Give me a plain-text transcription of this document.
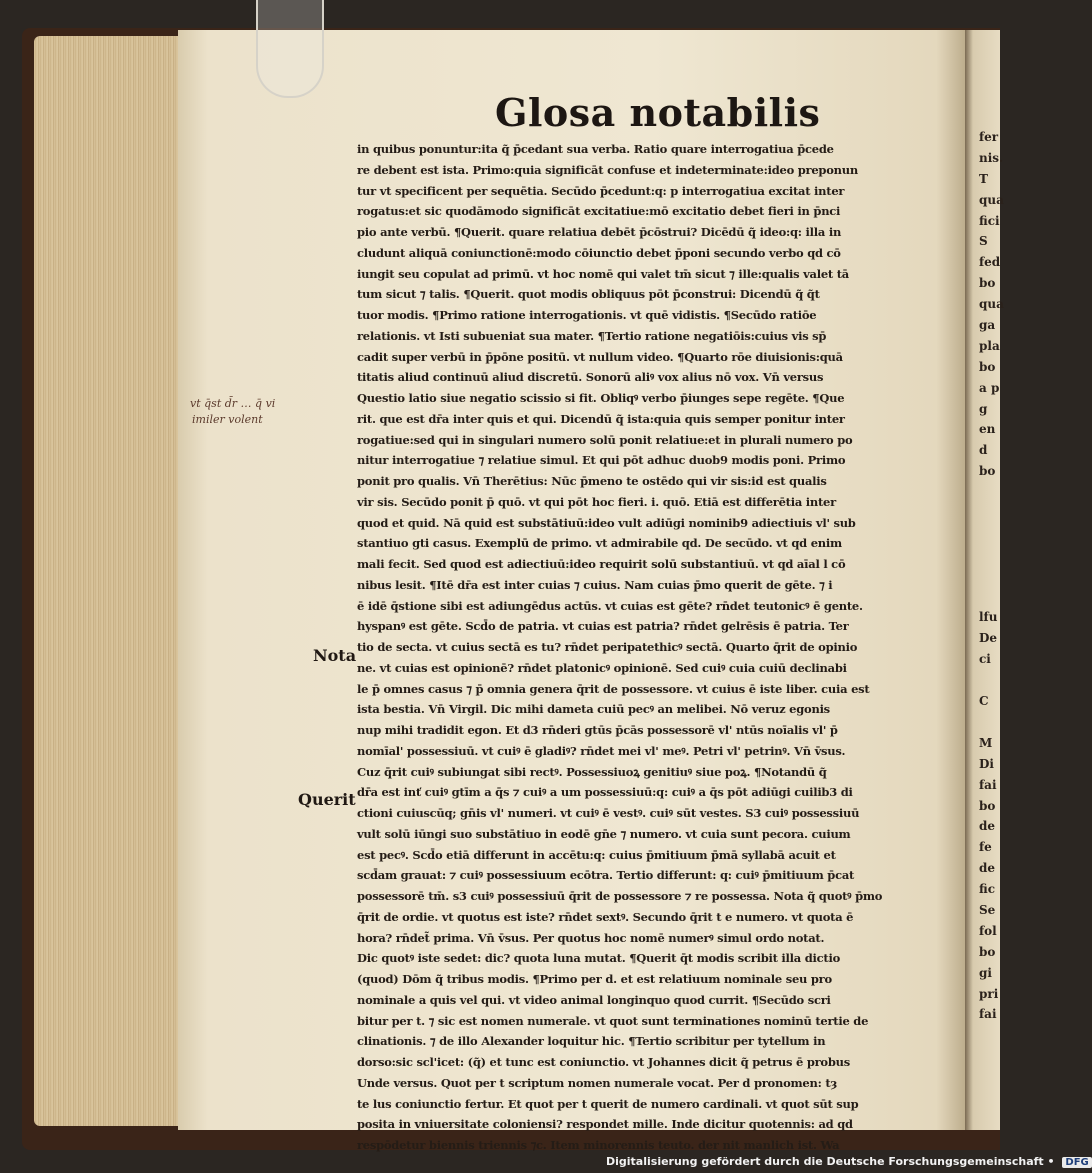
Glosa notabilis
in quibus ponuntur:ita q̃ p̄cedant sua verba. Ratio quare interrogatiua p̄cede
re debent est ista. Primo:quia significāt confuse et indeterminate:ideo preponun
tur vt specificent per sequētia. Secūdo p̄cedunt:q: p interrogatiua excitat inter
rogatus:et sic quodāmodo significāt excitatiue:mō excitatio debet fieri in p̄nci
pio ante verbū. ¶Querit. quare relatiua debēt p̄cōstrui? Dicēdū q̃ ideo:q: illa in
cludunt aliquā coniunctionē:modo cōiunctio debet p̄poni secundo verbo qd cō
iungit seu copulat ad primū. vt hoc nomē qui valet tm̄ sicut ⁊ ille:qualis valet tā
tum sicut ⁊ talis. ¶Querit. quot modis obliquus pōt p̄construi: Dicendū q̃ q̃t
tuor modis. ¶Primo ratione interrogationis. vt quē vidistis. ¶Secūdo ratiōe
relationis. vt Isti subueniat sua mater. ¶Tertio ratione negatiōis:cuius vis sp̄
cadit super verbū in p̄pōne positū. vt nullum video. ¶Quarto rōe diuisionis:quā
titatis aliud continuū aliud discretū. Sonorū aliꝰ vox alius nō vox. Vn̄ versus
Questio latio siue negatio scissio si fit. Obliqꝰ verbo p̄iunges sepe regēte. ¶Que
rit. que est dr̄a inter quis et qui. Dicendū q̃ ista:quia quis semper ponitur inter
rogatiue:sed qui in singulari numero solū ponit relatiue:et in plurali numero po
nitur interrogatiue ⁊ relatiue simul. Et qui pōt adhuc duob9 modis poni. Primo
ponit pro qualis. Vn̄ Therētius: Nūc p̄meno te ostēdo qui vir sis:id est qualis
vir sis. Secūdo ponit p̄ quō. vt qui pōt hoc fieri. i. quō. Etiā est differētia inter
quod et quid. Nā quid est substātiuū:ideo vult adiūgi nominib9 adiectiuis vl' sub
stantiuo gti casus. Exemplū de primo. vt admirabile qd. De secūdo. vt qd enim
mali fecit. Sed quod est adiectiuū:ideo requirit solū substantiuū. vt qd aīal l cō
nibus lesit. ¶Itē dr̄a est inter cuias ⁊ cuius. Nam cuias p̄mo querit de gēte. ⁊ i
ē idē q̄stione sibi est adiungēdus actūs. vt cuias est gēte? rn̄det teutonicꝰ ē gente.
hyspanꝰ est gēte. Scd̄o de patria. vt cuias est patria? rn̄det gelrēsis ē patria. Ter
tio de secta. vt cuius sectā es tu? rn̄det peripatethicꝰ sectā. Quarto q̄rit de opinio
ne. vt cuias est opinionē? rn̄det platonicꝰ opinionē. Sed cuiꝰ cuia cuiū declinabi
le p̄ omnes casus ⁊ p̄ omnia genera q̄rit de possessore. vt cuius ē iste liber. cuia est
ista bestia. Vn̄ Virgil. Dic mihi dameta cuiū pecꝰ an melibei. Nō veruz egonis
nup mihi tradidit egon. Et d3 rn̄deri gtūs p̄cās possessorē vl' ntūs noīalis vl' p̄
nomīal' possessiuū. vt cuiꝰ ē gladiꝰ? rn̄det mei vl' meꝰ. Petri vl' petrinꝰ. Vn̄ v̄sus.
Cuz q̄rit cuiꝰ subiungat sibi rectꝰ. Possessiuoꝝ genitiuꝰ siue poꝝ. ¶Notandū q̃
dr̄a est inť cuiꝰ gtīm a q̄s ⁊ cuiꝰ a um possessiuū:q: cuiꝰ a q̄s pōt adiūgi cuilib3 di
ctioni cuiuscūq; gn̄is vl' numeri. vt cuiꝰ ē vestꝰ. cuiꝰ sūt vestes. S3 cuiꝰ possessiuū
vult solū iūngi suo substātiuo in eodē gn̄e ⁊ numero. vt cuia sunt pecora. cuium
est pecꝰ. Scd̄o etiā differunt in accētu:q: cuius p̄mitiuum p̄mā syllabā acuit et
scd̄am grauat: ⁊ cuiꝰ possessiuum ecōtra. Tertio differunt: q: cuiꝰ p̄mitiuum p̄cat
possessorē tm̄. s3 cuiꝰ possessiuū q̄rit de possessore ⁊ re possessa. Nota q̃ quotꝰ p̄mo
q̄rit de ordie. vt quotus est iste? rn̄det sextꝰ. Secundo q̄rit t e numero. vt quota ē
hora? rn̄det̃ prima. Vn̄ v̄sus. Per quotus hoc nomē numerꝰ simul ordo notat.
Dic quotꝰ iste sedet: dic? quota luna mutat. ¶Querit q̄t modis scribit illa dictio
(quod) Dōm q̃ tribus modis. ¶Primo per d. et est relatiuum nominale seu pro
nominale a quis vel qui. vt video animal longinquo quod currit. ¶Secūdo scri
bitur per t. ⁊ sic est nomen numerale. vt quot sunt terminationes nominū tertie de
clinationis. ⁊ de illo Alexander loquitur hic. ¶Tertio scribitur per tytellum in
dorso:sic scl'icet: (q̃) et tunc est coniunctio. vt Johannes dicit q̃ petrus ē probus
Unde versus. Quot per t scriptum nomen numerale vocat. Per d pronomen: tȝ
te lus coniunctio fertur. Et quot per t querit de numero cardinali. vt quot sūt sup
posita in vniuersitate coloniensi? respondet mille. Inde dicitur quotennis: ad qd
respōdetur biennis triennis ⁊c. Item minorennis teuto. der nit manlich ist. Wa
Nota
Querit
vt q̄st d̄r … q̄ vi
imiler volent
fer
nis.
T
qua
fici
S
fed
bo
qua
ga
pla
bo
a p
g
en
d
bo
lfu
De
ci
C
M
Di
fai
bo
de
fe
de
fic
Se
fol
bo
gi
pri
fai
Digitalisierung gefördert durch die Deutsche Forschungsgemeinschaft • DFG
